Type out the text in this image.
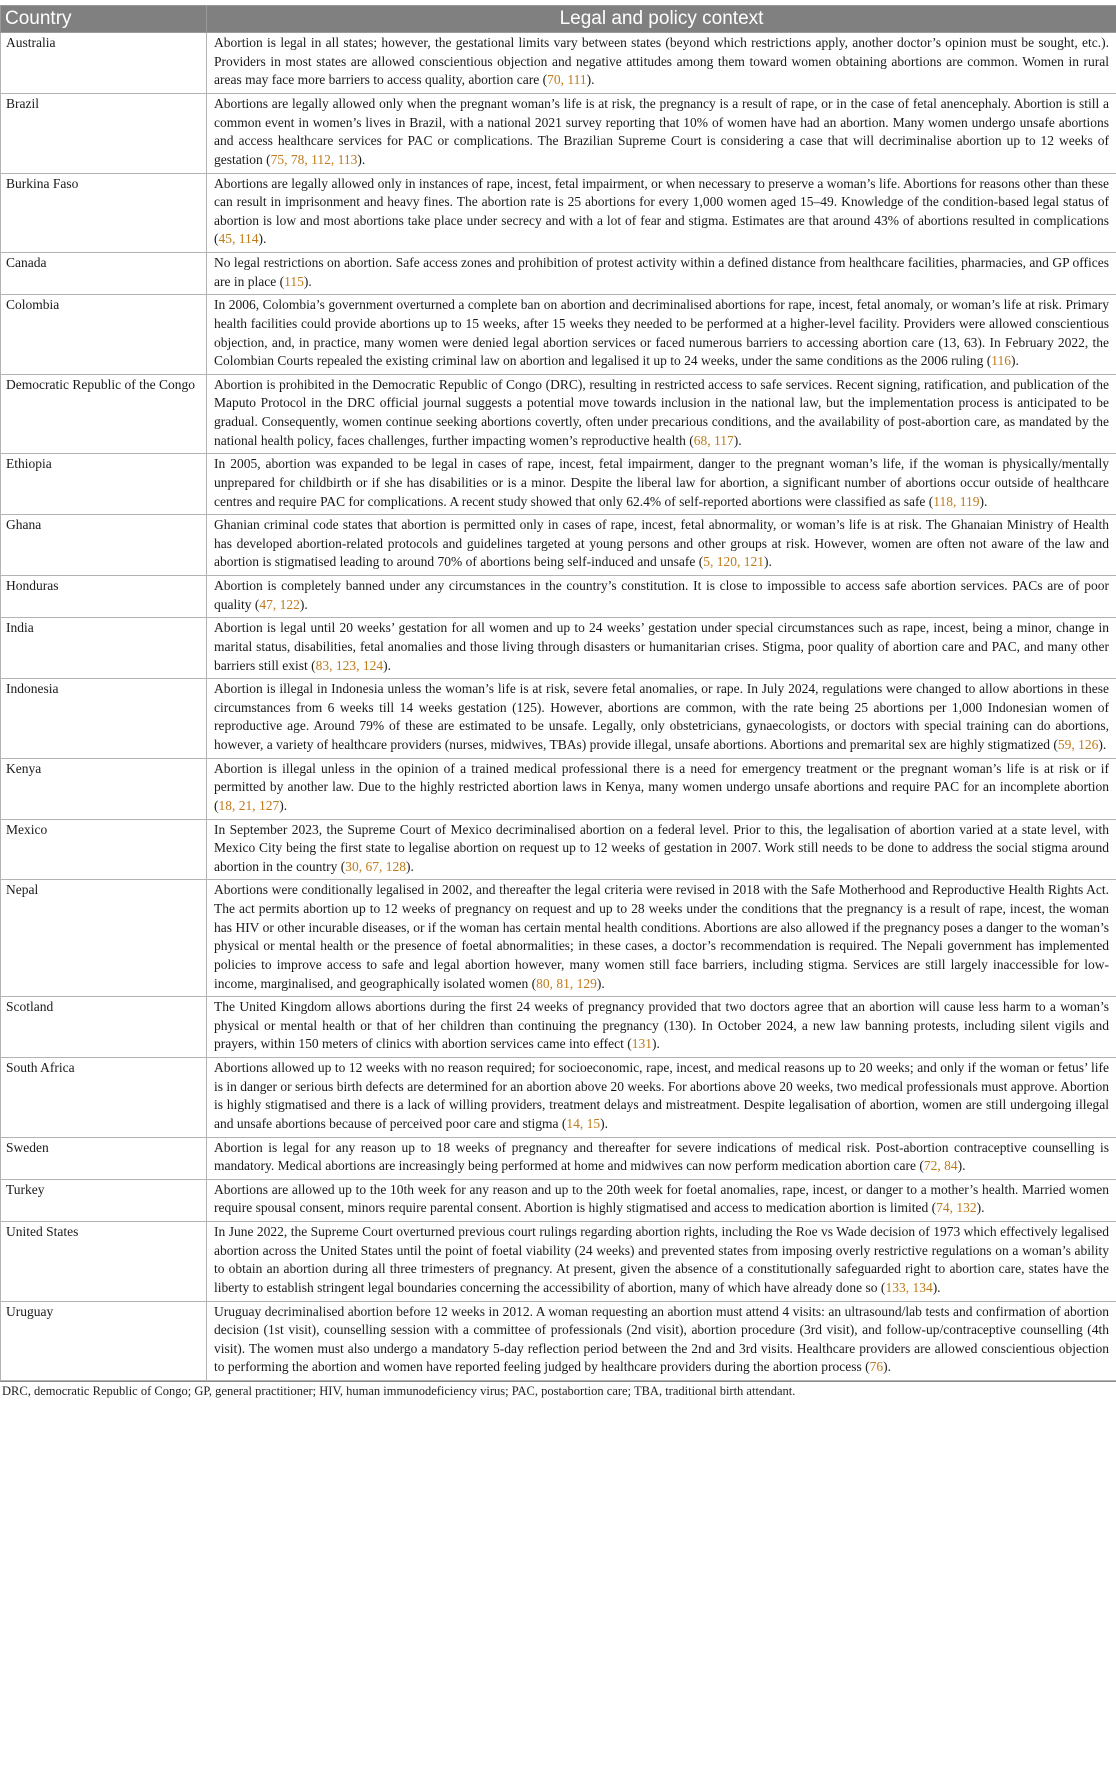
Country	Legal and policy context
Australia	Abortion is legal in all states; however, the gestational limits vary between states (beyond which restrictions apply, another doctor’s opinion must be sought, etc.). Providers in most states are allowed conscientious objection and negative attitudes among them toward women obtaining abortions are common. Women in rural areas may face more barriers to access quality, abortion care (70, 111).
Brazil	Abortions are legally allowed only when the pregnant woman’s life is at risk, the pregnancy is a result of rape, or in the case of fetal anencephaly. Abortion is still a common event in women’s lives in Brazil, with a national 2021 survey reporting that 10% of women have had an abortion. Many women undergo unsafe abortions and access healthcare services for PAC or complications. The Brazilian Supreme Court is considering a case that will decriminalise abortion up to 12 weeks of gestation (75, 78, 112, 113).
Burkina Faso	Abortions are legally allowed only in instances of rape, incest, fetal impairment, or when necessary to preserve a woman’s life. Abortions for reasons other than these can result in imprisonment and heavy fines. The abortion rate is 25 abortions for every 1,000 women aged 15–49. Knowledge of the condition-based legal status of abortion is low and most abortions take place under secrecy and with a lot of fear and stigma. Estimates are that around 43% of abortions resulted in complications (45, 114).
Canada	No legal restrictions on abortion. Safe access zones and prohibition of protest activity within a defined distance from healthcare facilities, pharmacies, and GP offices are in place (115).
Colombia	In 2006, Colombia’s government overturned a complete ban on abortion and decriminalised abortions for rape, incest, fetal anomaly, or woman’s life at risk. Primary health facilities could provide abortions up to 15 weeks, after 15 weeks they needed to be performed at a higher-level facility. Providers were allowed conscientious objection, and, in practice, many women were denied legal abortion services or faced numerous barriers to accessing abortion care (13, 63). In February 2022, the Colombian Courts repealed the existing criminal law on abortion and legalised it up to 24 weeks, under the same conditions as the 2006 ruling (116).
Democratic Republic of the Congo	Abortion is prohibited in the Democratic Republic of Congo (DRC), resulting in restricted access to safe services. Recent signing, ratification, and publication of the Maputo Protocol in the DRC official journal suggests a potential move towards inclusion in the national law, but the implementation process is anticipated to be gradual. Consequently, women continue seeking abortions covertly, often under precarious conditions, and the availability of post-abortion care, as mandated by the national health policy, faces challenges, further impacting women’s reproductive health (68, 117).
Ethiopia	In 2005, abortion was expanded to be legal in cases of rape, incest, fetal impairment, danger to the pregnant woman’s life, if the woman is physically/mentally unprepared for childbirth or if she has disabilities or is a minor. Despite the liberal law for abortion, a significant number of abortions occur outside of healthcare centres and require PAC for complications. A recent study showed that only 62.4% of self-reported abortions were classified as safe (118, 119).
Ghana	Ghanian criminal code states that abortion is permitted only in cases of rape, incest, fetal abnormality, or woman’s life is at risk. The Ghanaian Ministry of Health has developed abortion-related protocols and guidelines targeted at young persons and other groups at risk. However, women are often not aware of the law and abortion is stigmatised leading to around 70% of abortions being self-induced and unsafe (5, 120, 121).
Honduras	Abortion is completely banned under any circumstances in the country’s constitution. It is close to impossible to access safe abortion services. PACs are of poor quality (47, 122).
India	Abortion is legal until 20 weeks’ gestation for all women and up to 24 weeks’ gestation under special circumstances such as rape, incest, being a minor, change in marital status, disabilities, fetal anomalies and those living through disasters or humanitarian crises. Stigma, poor quality of abortion care and PAC, and many other barriers still exist (83, 123, 124).
Indonesia	Abortion is illegal in Indonesia unless the woman’s life is at risk, severe fetal anomalies, or rape. In July 2024, regulations were changed to allow abortions in these circumstances from 6 weeks till 14 weeks gestation (125). However, abortions are common, with the rate being 25 abortions per 1,000 Indonesian women of reproductive age. Around 79% of these are estimated to be unsafe. Legally, only obstetricians, gynaecologists, or doctors with special training can do abortions, however, a variety of healthcare providers (nurses, midwives, TBAs) provide illegal, unsafe abortions. Abortions and premarital sex are highly stigmatized (59, 126).
Kenya	Abortion is illegal unless in the opinion of a trained medical professional there is a need for emergency treatment or the pregnant woman’s life is at risk or if permitted by another law. Due to the highly restricted abortion laws in Kenya, many women undergo unsafe abortions and require PAC for an incomplete abortion (18, 21, 127).
Mexico	In September 2023, the Supreme Court of Mexico decriminalised abortion on a federal level. Prior to this, the legalisation of abortion varied at a state level, with Mexico City being the first state to legalise abortion on request up to 12 weeks of gestation in 2007. Work still needs to be done to address the social stigma around abortion in the country (30, 67, 128).
Nepal	Abortions were conditionally legalised in 2002, and thereafter the legal criteria were revised in 2018 with the Safe Motherhood and Reproductive Health Rights Act. The act permits abortion up to 12 weeks of pregnancy on request and up to 28 weeks under the conditions that the pregnancy is a result of rape, incest, the woman has HIV or other incurable diseases, or if the woman has certain mental health conditions. Abortions are also allowed if the pregnancy poses a danger to the woman’s physical or mental health or the presence of foetal abnormalities; in these cases, a doctor’s recommendation is required. The Nepali government has implemented policies to improve access to safe and legal abortion however, many women still face barriers, including stigma. Services are still largely inaccessible for low-income, marginalised, and geographically isolated women (80, 81, 129).
Scotland	The United Kingdom allows abortions during the first 24 weeks of pregnancy provided that two doctors agree that an abortion will cause less harm to a woman’s physical or mental health or that of her children than continuing the pregnancy (130). In October 2024, a new law banning protests, including silent vigils and prayers, within 150 meters of clinics with abortion services came into effect (131).
South Africa	Abortions allowed up to 12 weeks with no reason required; for socioeconomic, rape, incest, and medical reasons up to 20 weeks; and only if the woman or fetus’ life is in danger or serious birth defects are determined for an abortion above 20 weeks. For abortions above 20 weeks, two medical professionals must approve. Abortion is highly stigmatised and there is a lack of willing providers, treatment delays and mistreatment. Despite legalisation of abortion, women are still undergoing illegal and unsafe abortions because of perceived poor care and stigma (14, 15).
Sweden	Abortion is legal for any reason up to 18 weeks of pregnancy and thereafter for severe indications of medical risk. Post-abortion contraceptive counselling is mandatory. Medical abortions are increasingly being performed at home and midwives can now perform medication abortion care (72, 84).
Turkey	Abortions are allowed up to the 10th week for any reason and up to the 20th week for foetal anomalies, rape, incest, or danger to a mother’s health. Married women require spousal consent, minors require parental consent. Abortion is highly stigmatised and access to medication abortion is limited (74, 132).
United States	In June 2022, the Supreme Court overturned previous court rulings regarding abortion rights, including the Roe vs Wade decision of 1973 which effectively legalised abortion across the United States until the point of foetal viability (24 weeks) and prevented states from imposing overly restrictive regulations on a woman’s ability to obtain an abortion during all three trimesters of pregnancy. At present, given the absence of a constitutionally safeguarded right to abortion care, states have the liberty to establish stringent legal boundaries concerning the accessibility of abortion, many of which have already done so (133, 134).
Uruguay	Uruguay decriminalised abortion before 12 weeks in 2012. A woman requesting an abortion must attend 4 visits: an ultrasound/lab tests and confirmation of abortion decision (1st visit), counselling session with a committee of professionals (2nd visit), abortion procedure (3rd visit), and follow-up/contraceptive counselling (4th visit). The women must also undergo a mandatory 5-day reflection period between the 2nd and 3rd visits. Healthcare providers are allowed conscientious objection to performing the abortion and women have reported feeling judged by healthcare providers during the abortion process (76).
DRC, democratic Republic of Congo; GP, general practitioner; HIV, human immunodeficiency virus; PAC, postabortion care; TBA, traditional birth attendant.
